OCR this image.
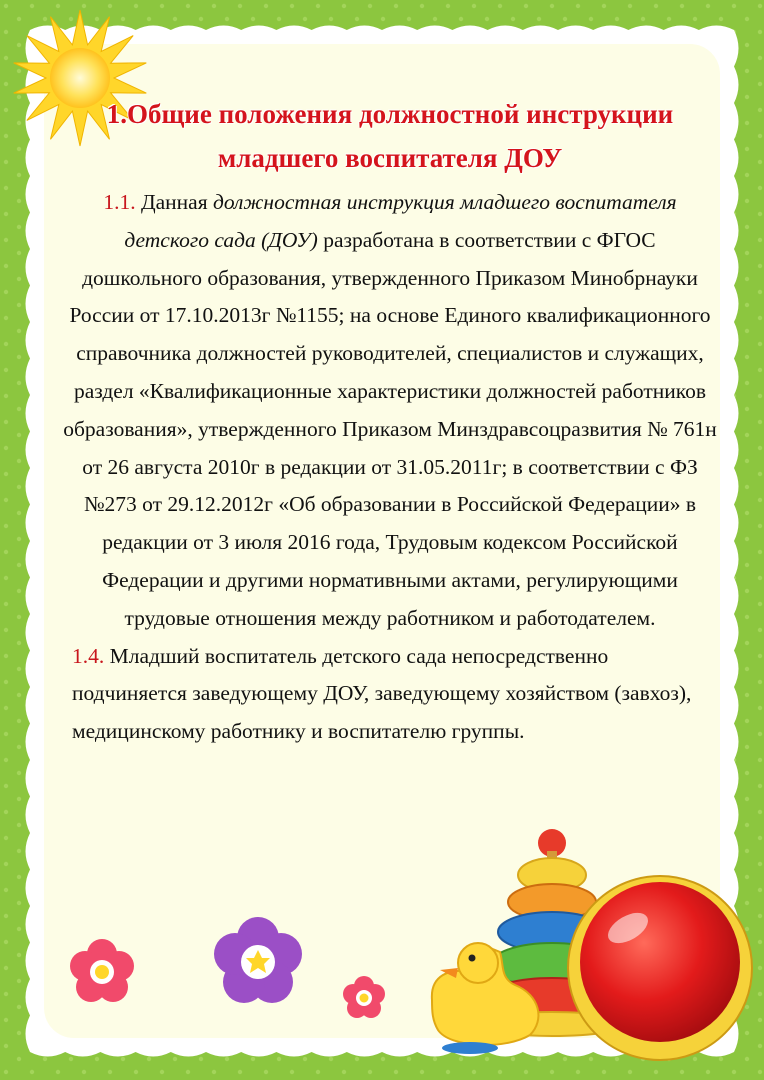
1.Общие положения должностной инструкции
младшего воспитателя ДОУ

1.1. Данная должностная инструкция младшего воспитателя детского сада (ДОУ) разработана в соответствии с ФГОС дошкольного образования, утвержденного Приказом Минобрнауки России от 17.10.2013г №1155; на основе Единого квалификационного справочника должностей руководителей, специалистов и служащих, раздел «Квалификационные характеристики должностей работников образования», утвержденного Приказом Минздравсоцразвития № 761н от 26 августа 2010г в редакции от 31.05.2011г; в соответствии с ФЗ №273 от 29.12.2012г «Об образовании в Российской Федерации» в редакции от 3 июля 2016 года, Трудовым кодексом Российской Федерации и другими нормативными актами, регулирующими трудовые отношения между работником и работодателем.

1.4. Младший воспитатель детского сада непосредственно подчиняется заведующему ДОУ, заведующему хозяйством (завхоз), медицинскому работнику и воспитателю группы.
